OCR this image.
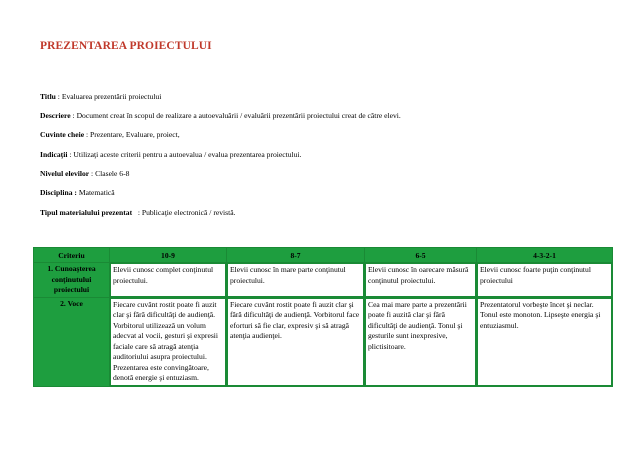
PREZENTAREA PROIECTULUI
Titlu : Evaluarea prezentării proiectului
Descriere : Document creat în scopul de realizare a autoevaluării / evaluării prezentării proiectului creat de către elevi.
Cuvinte cheie : Prezentare, Evaluare, proiect,
Indicaţii : Utilizaţi aceste criterii pentru a autoevalua / evalua prezentarea proiectului.
Nivelul elevilor : Clasele 6-8
Disciplina : Matematică
Tipul materialului prezentat   : Publicaţie electronică / revistă.
Criteriu	10-9	8-7	6-5	4-3-2-1
1. Cunoaşterea conţinutului proiectului	Elevii cunosc complet conţinutul proiectului.	Elevii cunosc în mare parte conţinutul proiectului.	Elevii cunosc în oarecare măsură conţinutul proiectului.	Elevii cunosc foarte puţin conţinutul proiectului
2. Voce	Fiecare cuvânt rostit poate fi auzit clar şi fără dificultăţi de audienţă. Vorbitorul utilizează un volum adecvat al vocii, gesturi şi expresii faciale care să atragă atenţia auditoriului asupra proiectului. Prezentarea este convingătoare, denotă energie şi entuziasm.	Fiecare cuvânt rostit poate fi auzit clar şi fără dificultăţi de audienţă. Vorbitorul face eforturi să fie clar, expresiv şi să atragă atenţia audienţei.	Cea mai mare parte a prezentării poate fi auzită clar şi fără dificultăţi de audienţă. Tonul şi gesturile sunt inexpresive, plictisitoare.	Prezentatorul vorbeşte încet şi neclar. Tonul este monoton. Lipseşte energia şi entuziasmul.
